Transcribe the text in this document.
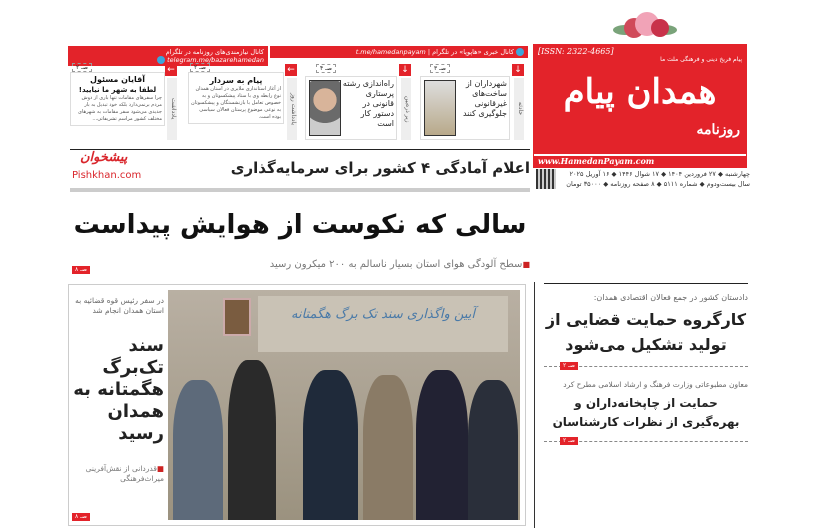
[ISSN: 2322-4665]
پیام فریخ دینی و فرهنگی ملت ما
همدان پیام
روزنامه
www.HamedanPayam.com
چهارشنبه ◆ ۲۷ فروردین ۱۴۰۴ ◆ ۱۷ شوال ۱۴۴۶ ◆ ۱۶ آوریل ۲۰۲۵
سال بیست‌ودوم ◆ شماره ۵۱۱۱ ◆ ۸ صفحه روزنامه ◆ ۳۵۰۰۰ تومان
کانال خبری «هاپوپا» در تلگرام | t.me/hamedanpayam
کانال نیازمندی‌های روزنامه در تلگرام telegram.me/bazarehamedan
↓
حادثه
صـ ۳
شهرداران از ساخت‌های غیرقانونی جلوگیری کنند
↓
زیر ذره‌بین
صـ ۴
راه‌اندازی رشته پرستاری قانونی در دستور کار است
←
یادداشت روز
صـ ۲
پیام به سردار
از آغاز استانداری ملایری در استان همدان نوع رابطه وی با ستاد پیشکسوتان و به خصوص تعامل با بازنشستگان و پیشکسوتان به نوعی موضوع پرستان فعالان سیاسی بوده است.
←
یادداشت
صـ ۲
آقایان مسئول
لطفا به شهر ما نیایید!
چرا سفرهای مقامات تنها باری از دوش مردم برنمی‌دارد بلکه خود تبدیل به بار جدیدی می‌شود سفر مقامات به شهرهای مختلف کشور مراسم تشریفاتی...
اعلام آمادگی ۴ کشور برای سرمایه‌گذاری
پیشخوان
Pishkhan.com
سالی که نکوست از هوایش پیداست
■سطح آلودگی هوای استان بسیار ناسالم به ۲۰۰ میکرون رسید
صـ ۸
آیین واگذاری سند تک برگ هگمتانه
در سفر رئیس قوه قضائیه به استان همدان انجام شد
سند تک‌برگ هگمتانه به همدان رسید
■قدردانی از نقش‌آفرینی میراث‌فرهنگی
صـ ۸
دادستان کشور در جمع فعالان اقتصادی همدان:
کارگروه حمایت قضایی از تولید تشکیل می‌شود
صـ ۲
معاون مطبوعاتی وزارت فرهنگ و ارشاد اسلامی مطرح کرد
حمایت از چاپخانه‌داران و بهره‌گیری از نظرات کارشناسان
صـ ۲
